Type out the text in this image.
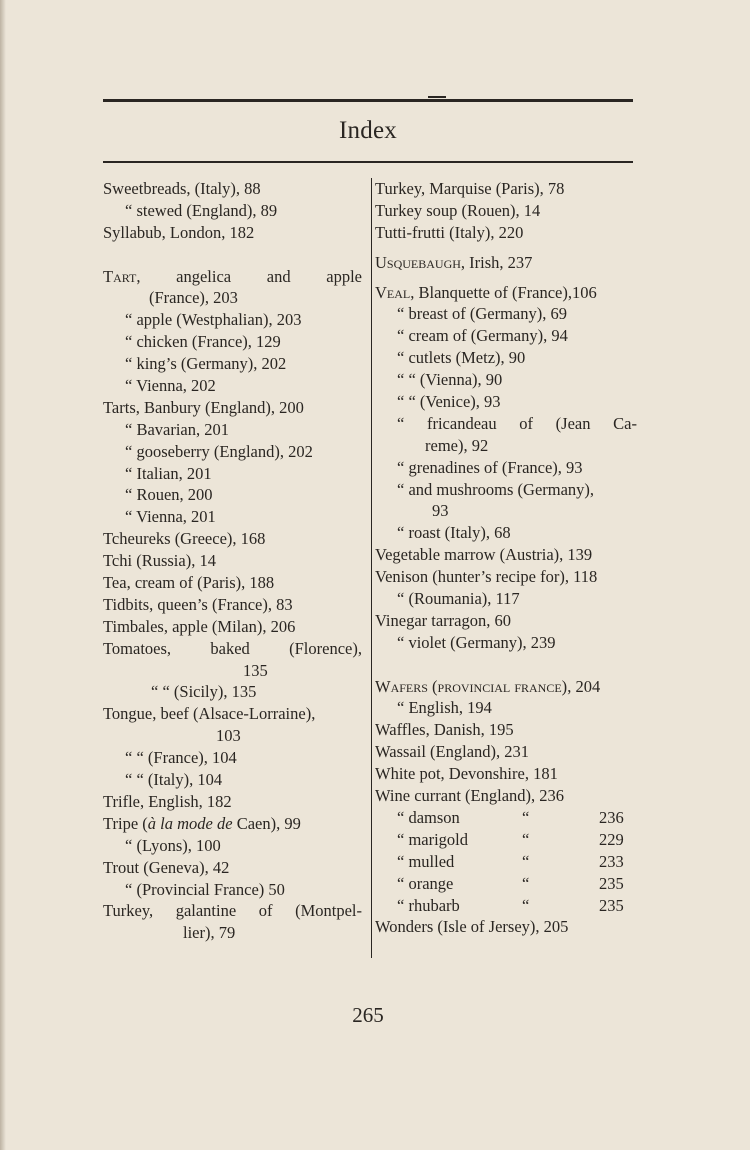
Index
Sweetbreads, (Italy), 88
“ stewed (England), 89
Syllabub, London, 182
Tart, angelica and apple
(France), 203
“ apple (Westphalian), 203
“ chicken (France), 129
“ king’s (Germany), 202
“ Vienna, 202
Tarts, Banbury (England), 200
“ Bavarian, 201
“ gooseberry (England), 202
“ Italian, 201
“ Rouen, 200
“ Vienna, 201
Tcheureks (Greece), 168
Tchi (Russia), 14
Tea, cream of (Paris), 188
Tidbits, queen’s (France), 83
Timbales, apple (Milan), 206
Tomatoes, baked (Florence),
135
“ “ (Sicily), 135
Tongue, beef (Alsace-Lorraine),
103
“ “ (France), 104
“ “ (Italy), 104
Trifle, English, 182
Tripe (à la mode de Caen), 99
“ (Lyons), 100
Trout (Geneva), 42
“ (Provincial France) 50
Turkey, galantine of (Montpel-
lier), 79
Turkey, Marquise (Paris), 78
Turkey soup (Rouen), 14
Tutti-frutti (Italy), 220
Usquebaugh, Irish, 237
Veal, Blanquette of (France),106
“ breast of (Germany), 69
“ cream of (Germany), 94
“ cutlets (Metz), 90
“ “ (Vienna), 90
“ “ (Venice), 93
“ fricandeau of (Jean Ca-
reme), 92
“ grenadines of (France), 93
“ and mushrooms (Germany),
93
“ roast (Italy), 68
Vegetable marrow (Austria), 139
Venison (hunter’s recipe for), 118
“ (Roumania), 117
Vinegar tarragon, 60
“ violet (Germany), 239
Wafers (provincial france), 204
“ English, 194
Waffles, Danish, 195
Wassail (England), 231
White pot, Devonshire, 181
Wine currant (England), 236
“ damson	“	236
“ marigold	“	229
“ mulled	“	233
“ orange	“	235
“ rhubarb	“	235
Wonders (Isle of Jersey), 205
265
